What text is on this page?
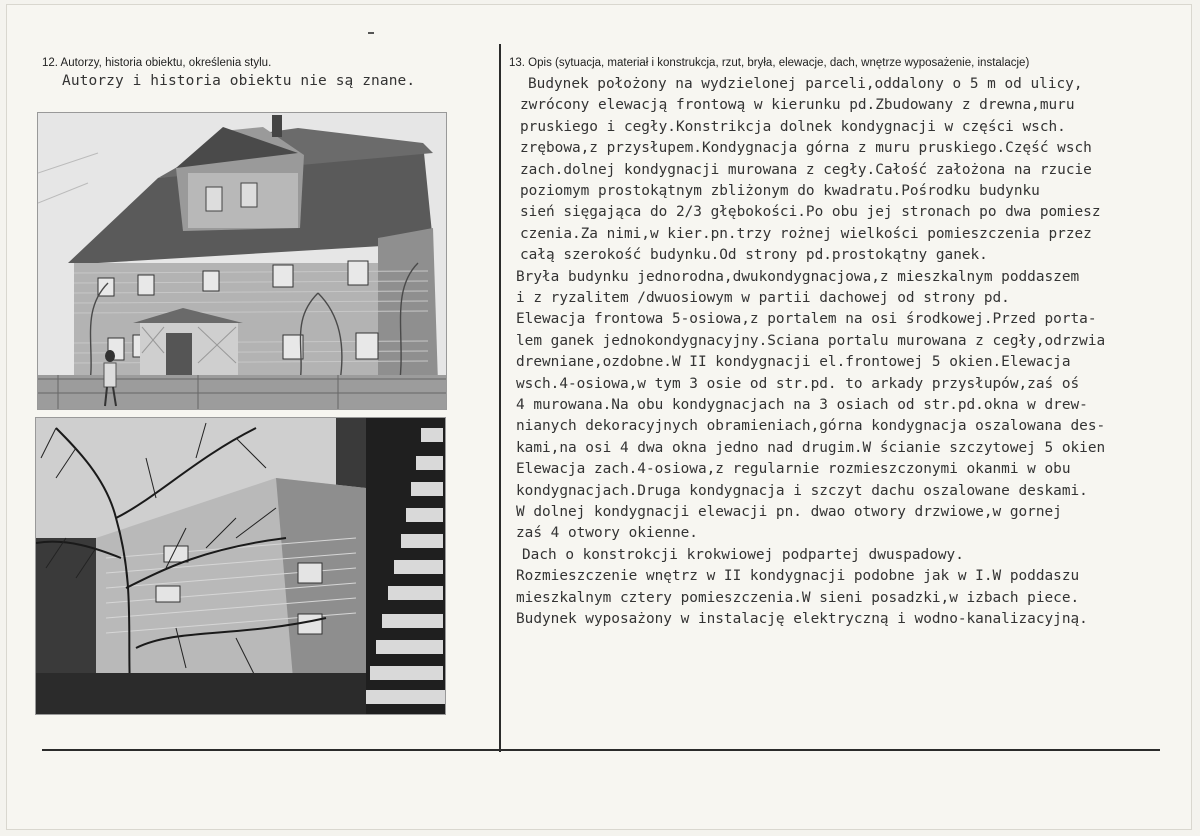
12. Autorzy, historia obiektu, określenia stylu.
Autorzy i historia obiektu nie są znane.
13. Opis (sytuacja, materiał i konstrukcja, rzut, bryła, elewacje, dach, wnętrze wyposażenie, instalacje)
Budynek położony na wydzielonej parceli,oddalony o 5 m od ulicy,
zwrócony elewacją frontową w kierunku pd.Zbudowany z drewna,muru
pruskiego i cegły.Konstrikcja dolnek kondygnacji w części wsch.
zrębowa,z przysłupem.Kondygnacja górna z muru pruskiego.Część wsch
zach.dolnej kondygnacji murowana z cegły.Całość założona na rzucie
poziomym prostokątnym zbliżonym do kwadratu.Pośrodku budynku
sień sięgająca do 2/3 głębokości.Po obu jej stronach po dwa pomiesz
czenia.Za nimi,w kier.pn.trzy rożnej wielkości pomieszczenia przez
całą szerokość budynku.Od strony pd.prostokątny ganek.
Bryła budynku jednorodna,dwukondygnacjowa,z mieszkalnym poddaszem
i z ryzalitem /dwuosiowym w partii dachowej od strony pd.
Elewacja frontowa 5-osiowa,z portalem na osi środkowej.Przed porta-
lem ganek jednokondygnacyjny.Sciana portalu murowana z cegły,odrzwia
drewniane,ozdobne.W II kondygnacji el.frontowej 5 okien.Elewacja
wsch.4-osiowa,w tym 3 osie od str.pd. to arkady przysłupów,zaś oś
4 murowana.Na obu kondygnacjach na 3 osiach od str.pd.okna w drew-
nianych dekoracyjnych obramieniach,górna kondygnacja oszalowana des-
kami,na osi 4 dwa okna jedno nad drugim.W ścianie szczytowej 5 okien
Elewacja zach.4-osiowa,z regularnie rozmieszczonymi okanmi w obu
kondygnacjach.Druga kondygnacja i szczyt dachu oszalowane deskami.
W dolnej kondygnacji elewacji pn. dwao otwory drzwiowe,w gornej
zaś 4 otwory okienne.
Dach o konstrokcji krokwiowej podpartej dwuspadowy.
Rozmieszczenie wnętrz w II kondygnacji podobne jak w I.W poddaszu
mieszkalnym cztery pomieszczenia.W sieni posadzki,w izbach piece.
Budynek wyposażony w instalację elektryczną i wodno-kanalizacyjną.
